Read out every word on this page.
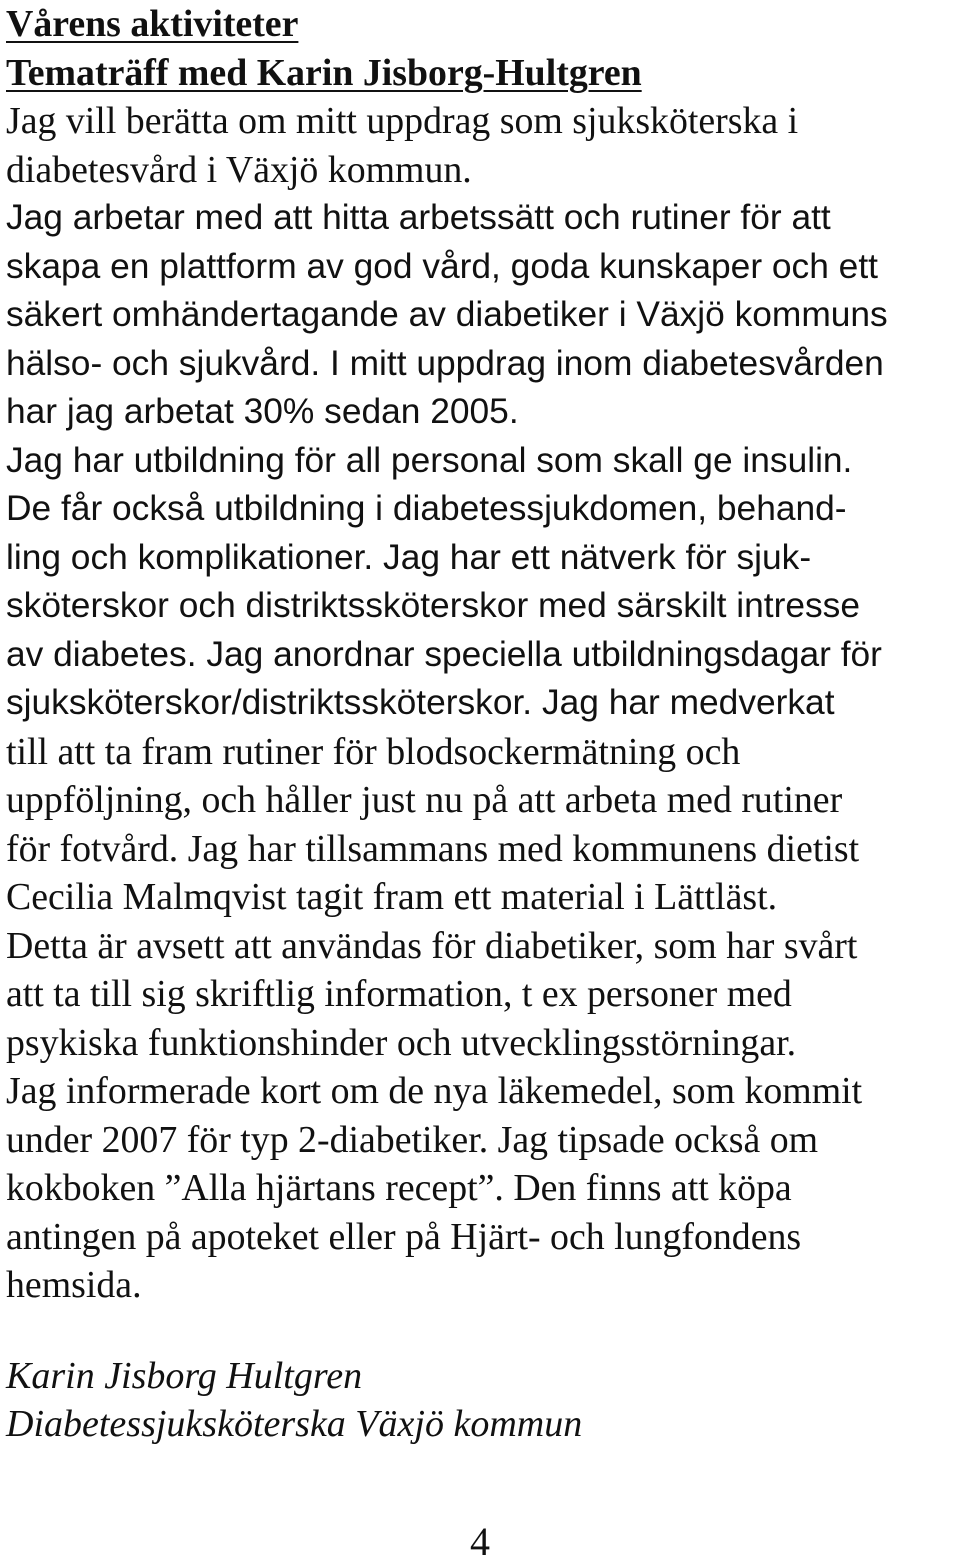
Vårens aktiviteter
Tematräff med Karin Jisborg-Hultgren
Jag vill berätta om mitt uppdrag som sjuksköterska i
diabetesvård i Växjö kommun.
Jag arbetar med att hitta arbetssätt och rutiner för att
skapa en plattform av god vård, goda kunskaper och ett
säkert omhändertagande av diabetiker i Växjö kommuns
hälso- och sjukvård. I mitt uppdrag inom diabetesvården
har jag arbetat 30% sedan 2005.
Jag har utbildning för all personal som skall ge insulin.
De får också utbildning i diabetessjukdomen, behand-
ling och komplikationer. Jag har ett nätverk för sjuk-
sköterskor och distriktssköterskor med särskilt intresse
av diabetes. Jag anordnar speciella utbildningsdagar för
sjuksköterskor/distriktssköterskor. Jag har medverkat
till att ta fram rutiner för blodsockermätning och
uppföljning, och håller just nu på att arbeta med rutiner
för fotvård. Jag har tillsammans med kommunens dietist
Cecilia Malmqvist tagit fram ett material i Lättläst.
Detta är avsett att användas för diabetiker, som har svårt
att ta till sig skriftlig information, t ex personer med
psykiska funktionshinder och utvecklingsstörningar.
Jag informerade kort om de nya läkemedel, som kommit
under 2007 för typ 2-diabetiker. Jag tipsade också om
kokboken ”Alla hjärtans recept”. Den finns att köpa
antingen på apoteket eller på Hjärt- och lungfondens
hemsida.
Karin Jisborg Hultgren
Diabetessjuksköterska Växjö kommun
4
